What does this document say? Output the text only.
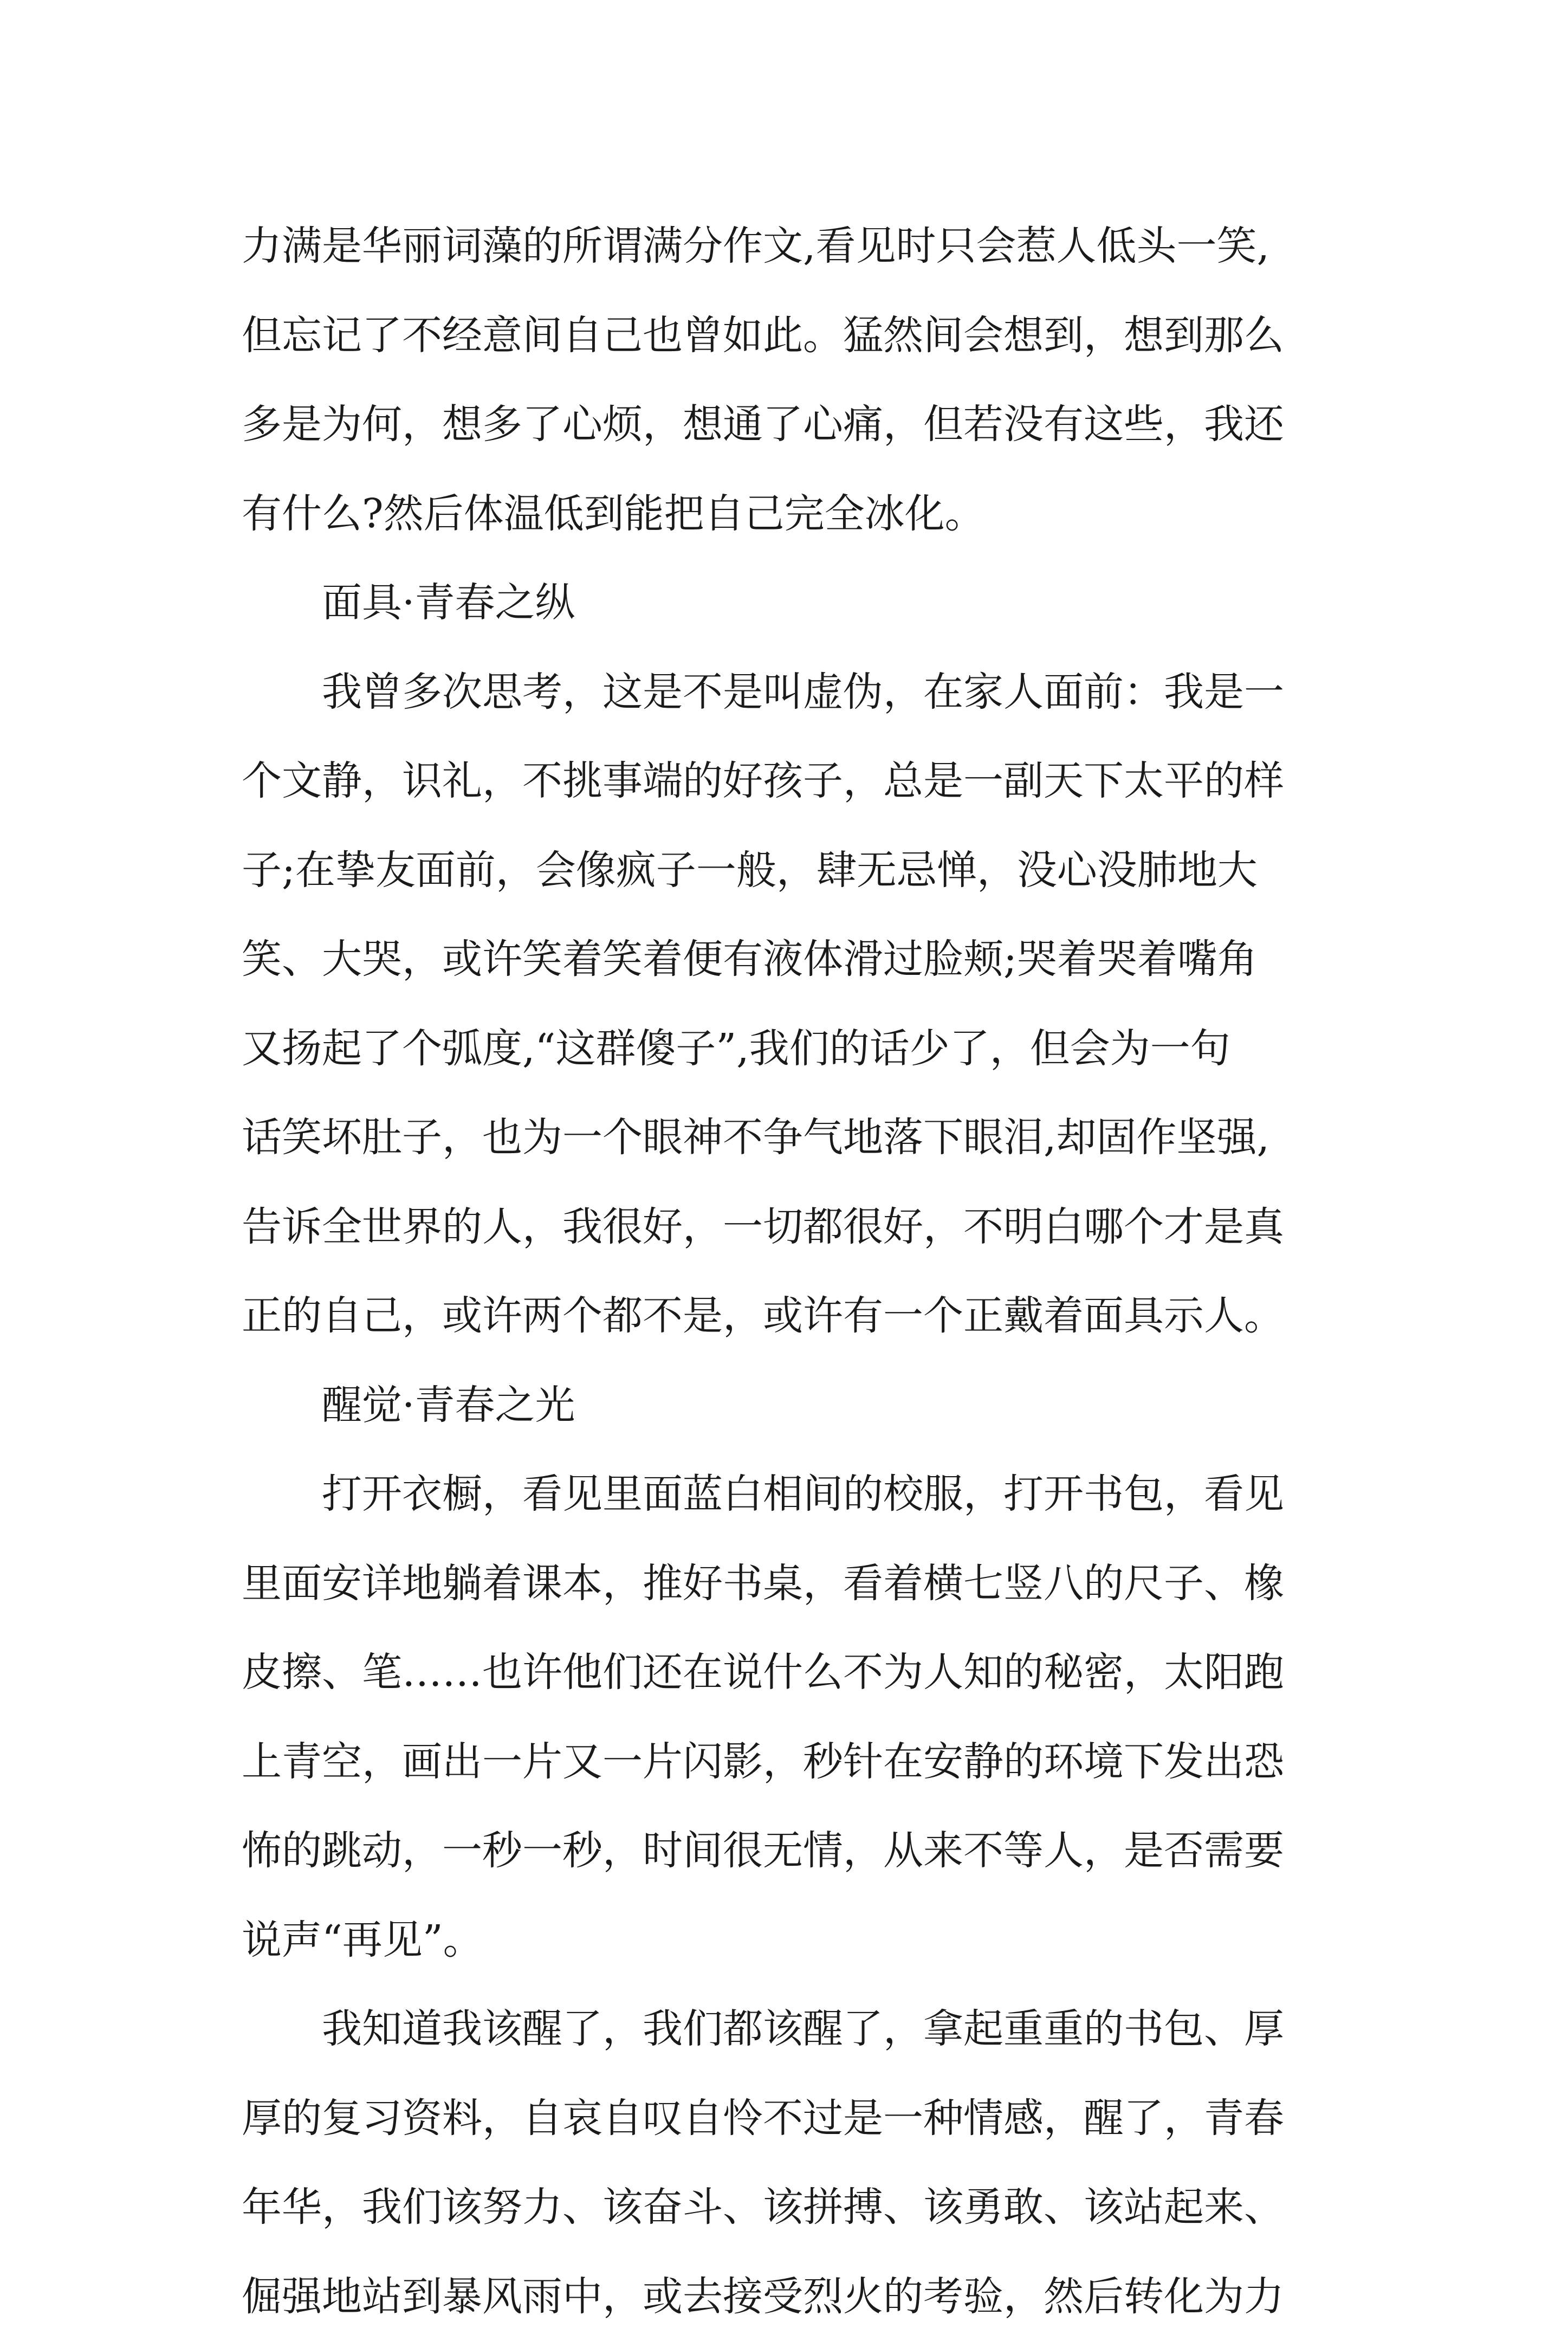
力满是华丽词藻的所谓满分作文,看见时只会惹人低头一笑,
但忘记了不经意间自己也曾如此。猛然间会想到，想到那么
多是为何，想多了心烦，想通了心痛，但若没有这些，我还
有什么?然后体温低到能把自己完全冰化。
面具·青春之纵
我曾多次思考，这是不是叫虚伪，在家人面前：我是一
个文静，识礼，不挑事端的好孩子，总是一副天下太平的样
子;在挚友面前，会像疯子一般，肆无忌惮，没心没肺地大
笑、大哭，或许笑着笑着便有液体滑过脸颊;哭着哭着嘴角
又扬起了个弧度,“这群傻子”,我们的话少了，但会为一句
话笑坏肚子，也为一个眼神不争气地落下眼泪,却固作坚强,
告诉全世界的人，我很好，一切都很好，不明白哪个才是真
正的自己，或许两个都不是，或许有一个正戴着面具示人。
醒觉·青春之光
打开衣橱，看见里面蓝白相间的校服，打开书包，看见
里面安详地躺着课本，推好书桌，看着横七竖八的尺子、橡
皮擦、笔……也许他们还在说什么不为人知的秘密，太阳跑
上青空，画出一片又一片闪影，秒针在安静的环境下发出恐
怖的跳动，一秒一秒，时间很无情，从来不等人，是否需要
说声“再见”。
我知道我该醒了，我们都该醒了，拿起重重的书包、厚
厚的复习资料，自哀自叹自怜不过是一种情感，醒了，青春
年华，我们该努力、该奋斗、该拼搏、该勇敢、该站起来、
倔强地站到暴风雨中，或去接受烈火的考验，然后转化为力
